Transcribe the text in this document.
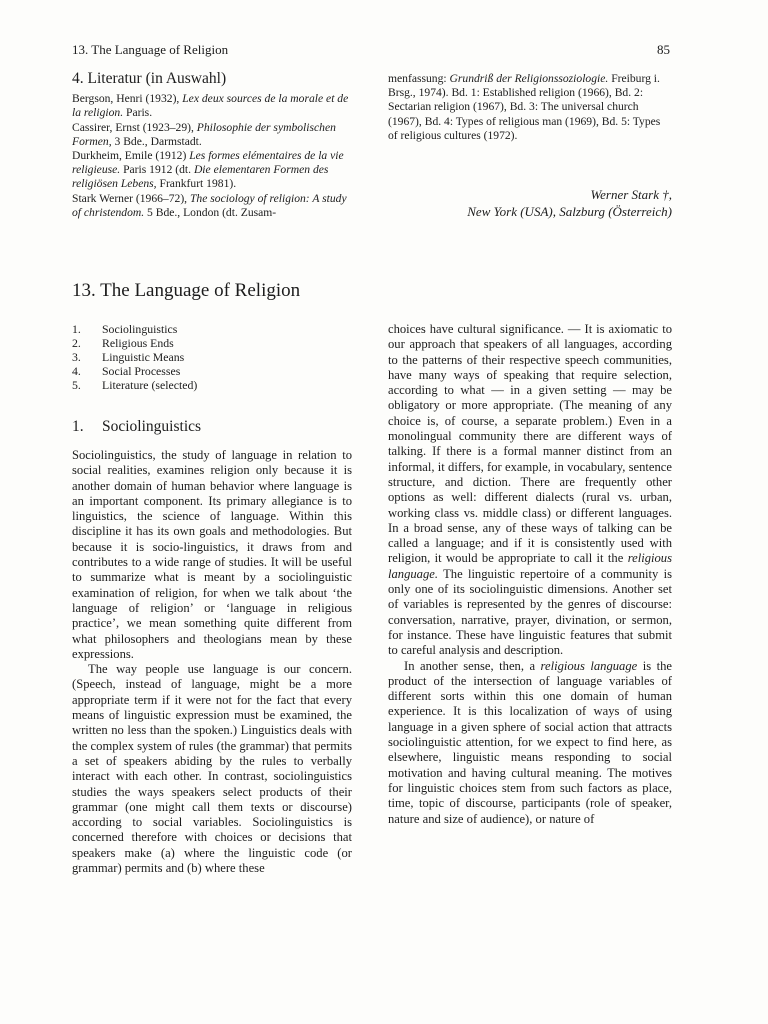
13. The Language of Religion	85
4. Literatur (in Auswahl)
Bergson, Henri (1932), Lex deux sources de la morale et de la religion. Paris.
Cassirer, Ernst (1923–29), Philosophie der symbolischen Formen, 3 Bde., Darmstadt.
Durkheim, Emile (1912) Les formes elémentaires de la vie religieuse. Paris 1912 (dt. Die elementaren Formen des religiösen Lebens, Frankfurt 1981).
Stark Werner (1966–72), The sociology of religion: A study of christendom. 5 Bde., London (dt. Zusam-
menfassung: Grundriß der Religionssoziologie. Freiburg i. Brsg., 1974). Bd. 1: Established religion (1966), Bd. 2: Sectarian religion (1967), Bd. 3: The universal church (1967), Bd. 4: Types of religious man (1969), Bd. 5: Types of religious cultures (1972).
Werner Stark †,
New York (USA), Salzburg (Österreich)
13. The Language of Religion
1.	Sociolinguistics
2.	Religious Ends
3.	Linguistic Means
4.	Social Processes
5.	Literature (selected)
1. Sociolinguistics

Sociolinguistics, the study of language in relation to social realities, examines religion only because it is another domain of human behavior where language is an important component. Its primary allegiance is to linguistics, the science of language. Within this discipline it has its own goals and methodologies. But because it is socio-linguistics, it draws from and contributes to a wide range of studies. It will be useful to summarize what is meant by a sociolinguistic examination of religion, for when we talk about ‘the language of religion’ or ‘language in religious practice’, we mean something quite different from what philosophers and theologians mean by these expressions.

The way people use language is our concern. (Speech, instead of language, might be a more appropriate term if it were not for the fact that every means of linguistic expression must be examined, the written no less than the spoken.) Linguistics deals with the complex system of rules (the grammar) that permits a set of speakers abiding by the rules to verbally interact with each other. In contrast, sociolinguistics studies the ways speakers select products of their grammar (one might call them texts or discourse) according to social variables. Sociolinguistics is concerned therefore with choices or decisions that speakers make (a) where the linguistic code (or grammar) permits and (b) where these

choices have cultural significance. — It is axiomatic to our approach that speakers of all languages, according to the patterns of their respective speech communities, have many ways of speaking that require selection, according to what — in a given setting — may be obligatory or more appropriate. (The meaning of any choice is, of course, a separate problem.) Even in a monolingual community there are different ways of talking. If there is a formal manner distinct from an informal, it differs, for example, in vocabulary, sentence structure, and diction. There are frequently other options as well: different dialects (rural vs. urban, working class vs. middle class) or different languages. In a broad sense, any of these ways of talking can be called a language; and if it is consistently used with religion, it would be appropriate to call it the religious language. The linguistic repertoire of a community is only one of its sociolinguistic dimensions. Another set of variables is represented by the genres of discourse: conversation, narrative, prayer, divination, or sermon, for instance. These have linguistic features that submit to careful analysis and description.

In another sense, then, a religious language is the product of the intersection of language variables of different sorts within this one domain of human experience. It is this localization of ways of using language in a given sphere of social action that attracts sociolinguistic attention, for we expect to find here, as elsewhere, linguistic means responding to social motivation and having cultural meaning. The motives for linguistic choices stem from such factors as place, time, topic of discourse, participants (role of speaker, nature and size of audience), or nature of
